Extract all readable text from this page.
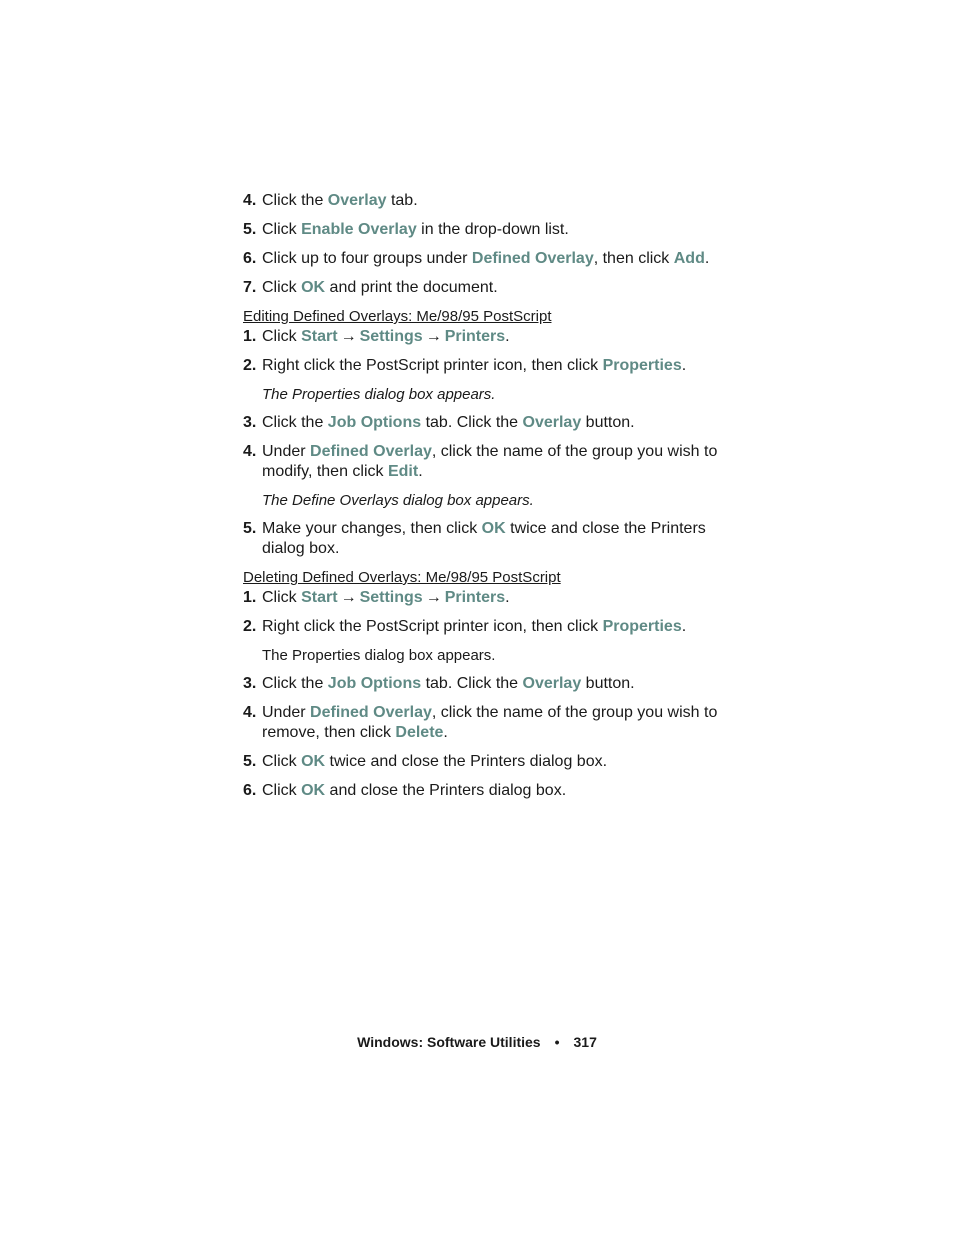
4. Click the Overlay tab.
5. Click Enable Overlay in the drop-down list.
6. Click up to four groups under Defined Overlay, then click Add.
7. Click OK and print the document.
Editing Defined Overlays: Me/98/95 PostScript
1. Click Start → Settings → Printers.
2. Right click the PostScript printer icon, then click Properties.
The Properties dialog box appears.
3. Click the Job Options tab. Click the Overlay button.
4. Under Defined Overlay, click the name of the group you wish to modify, then click Edit.
The Define Overlays dialog box appears.
5. Make your changes, then click OK twice and close the Printers dialog box.
Deleting Defined Overlays: Me/98/95 PostScript
1. Click Start → Settings → Printers.
2. Right click the PostScript printer icon, then click Properties.
The Properties dialog box appears.
3. Click the Job Options tab. Click the Overlay button.
4. Under Defined Overlay, click the name of the group you wish to remove, then click Delete.
5. Click OK twice and close the Printers dialog box.
6. Click OK and close the Printers dialog box.
Windows: Software Utilities • 317
